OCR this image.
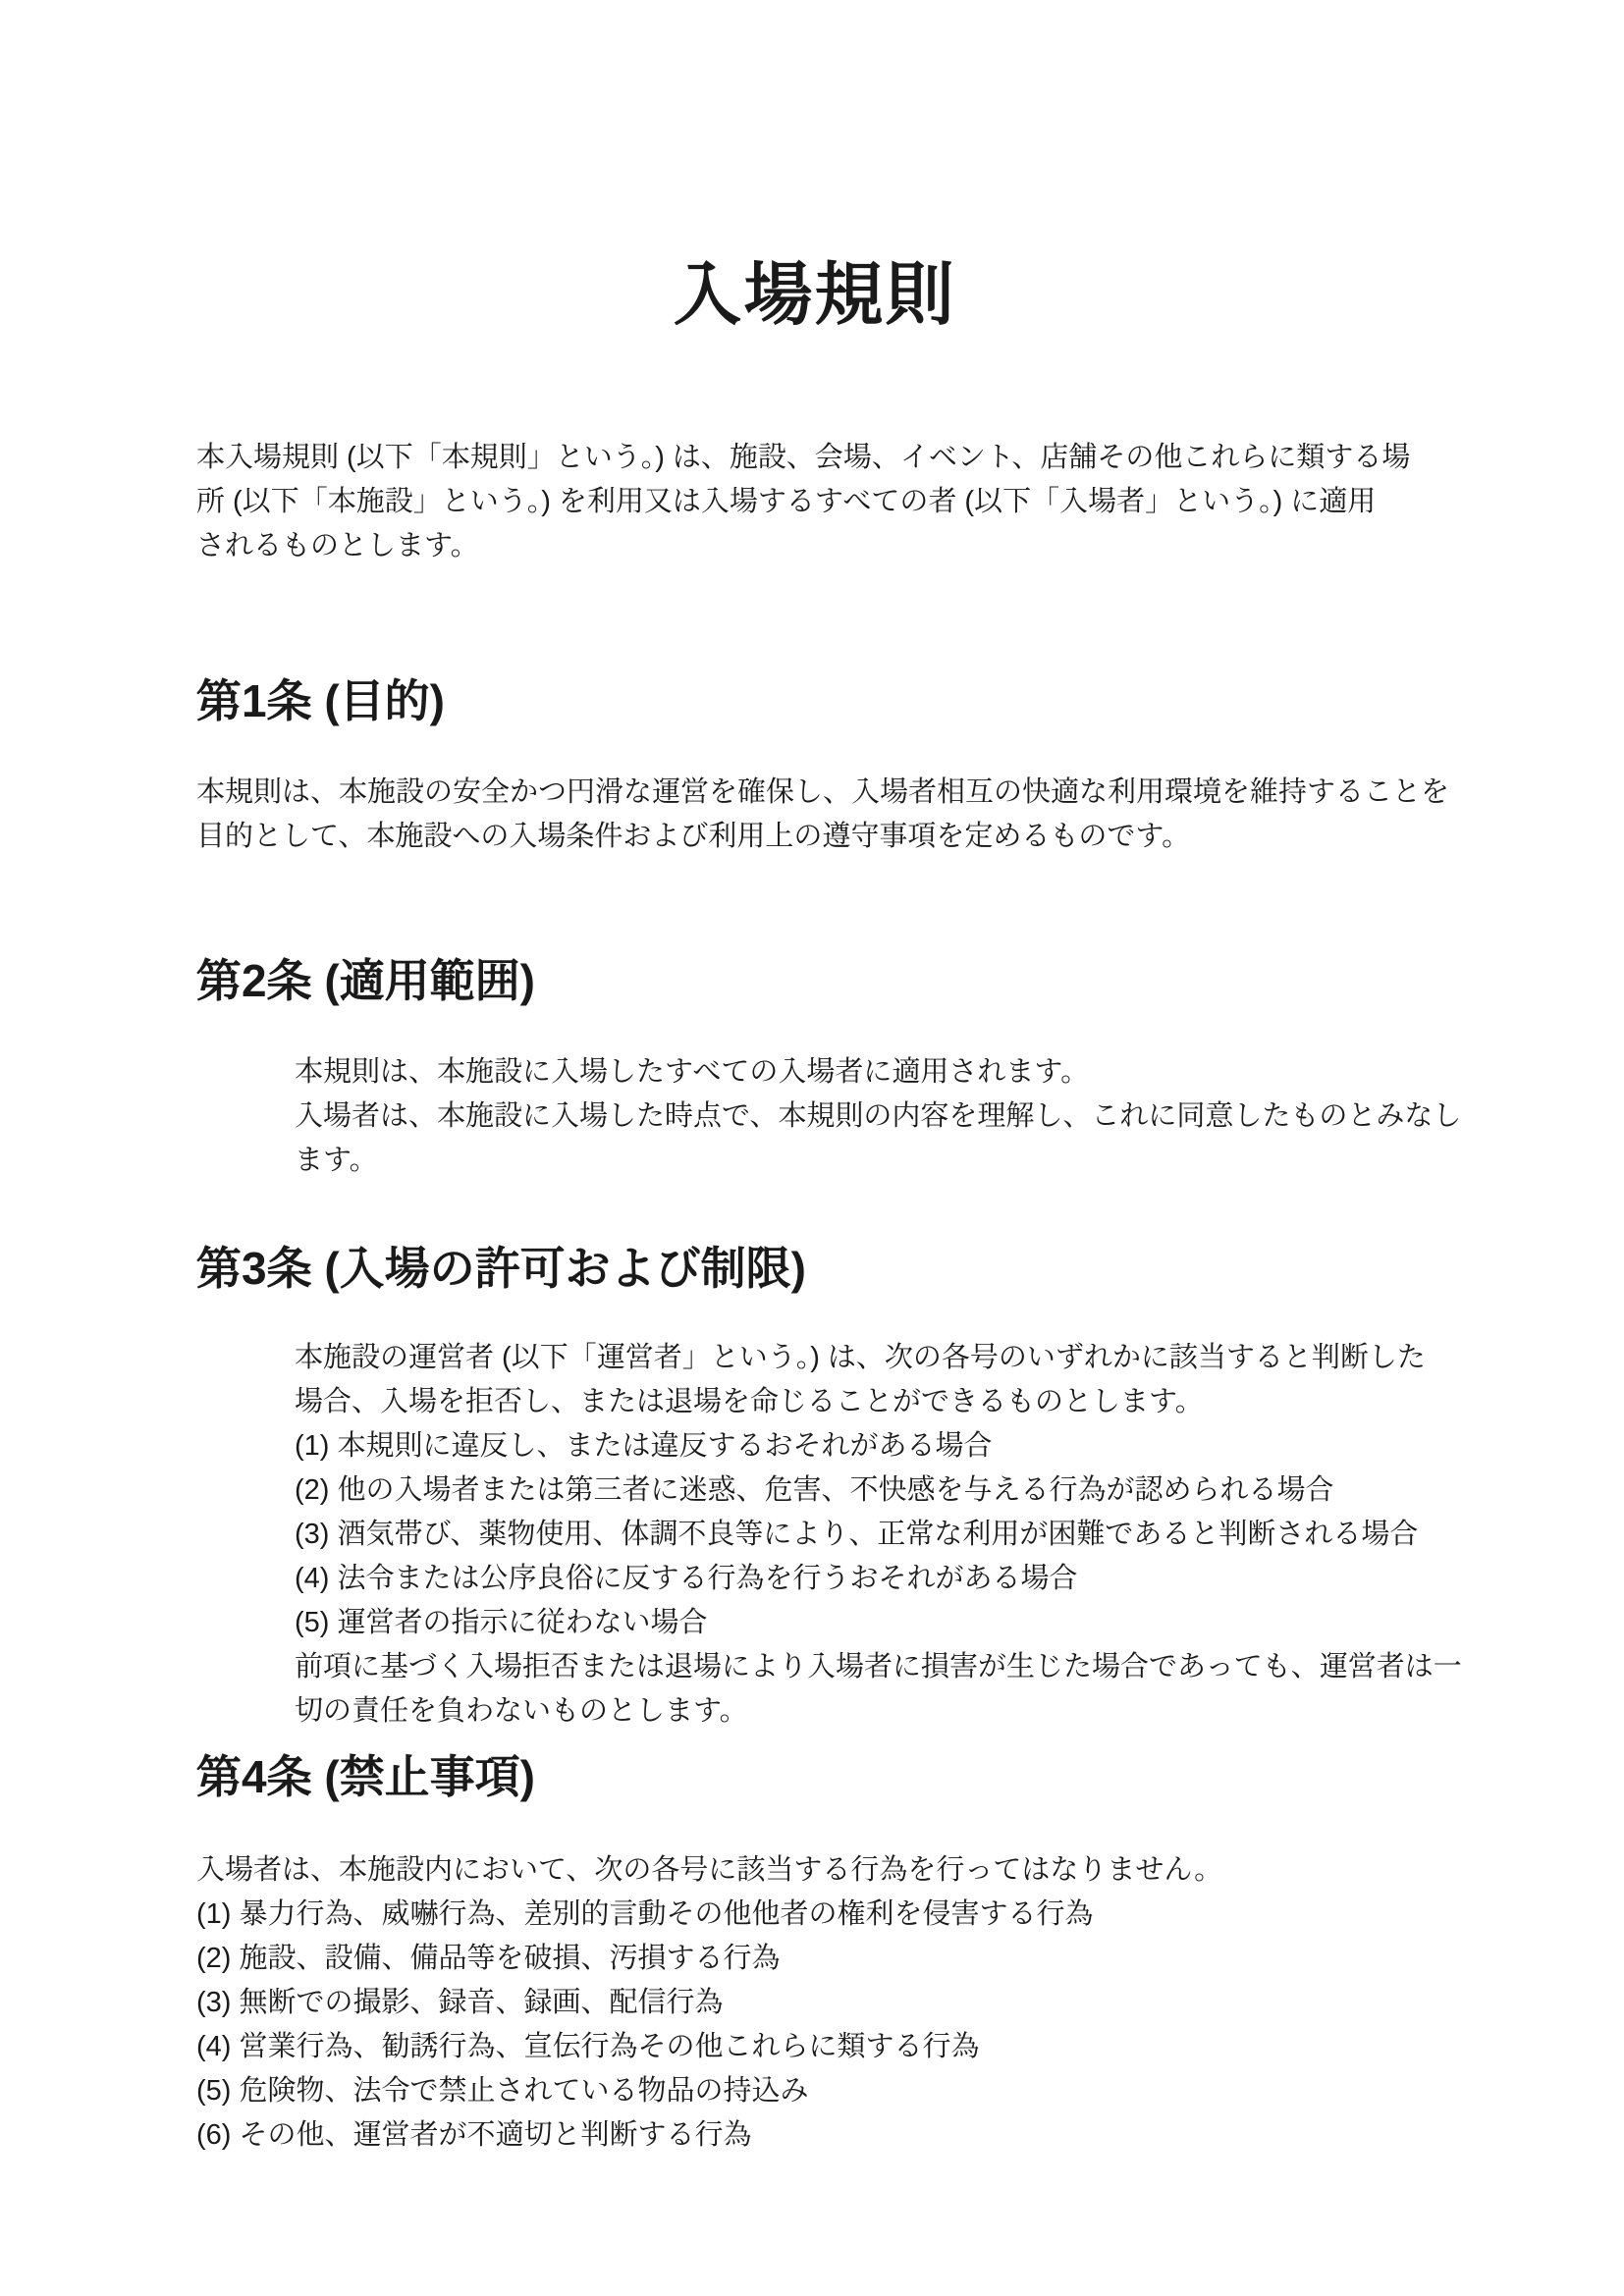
入場規則
本入場規則 (以下「本規則」という。) は、施設、会場、イベント、店舗その他これらに類する場
所 (以下「本施設」という。) を利用又は入場するすべての者 (以下「入場者」という。) に適用
されるものとします。
第1条 (目的)
本規則は、本施設の安全かつ円滑な運営を確保し、入場者相互の快適な利用環境を維持することを
目的として、本施設への入場条件および利用上の遵守事項を定めるものです。
第2条 (適用範囲)
本規則は、本施設に入場したすべての入場者に適用されます。
入場者は、本施設に入場した時点で、本規則の内容を理解し、これに同意したものとみなし
ます。
第3条 (入場の許可および制限)
本施設の運営者 (以下「運営者」という。) は、次の各号のいずれかに該当すると判断した
場合、入場を拒否し、または退場を命じることができるものとします。
(1) 本規則に違反し、または違反するおそれがある場合
(2) 他の入場者または第三者に迷惑、危害、不快感を与える行為が認められる場合
(3) 酒気帯び、薬物使用、体調不良等により、正常な利用が困難であると判断される場合
(4) 法令または公序良俗に反する行為を行うおそれがある場合
(5) 運営者の指示に従わない場合
前項に基づく入場拒否または退場により入場者に損害が生じた場合であっても、運営者は一
切の責任を負わないものとします。
第4条 (禁止事項)
入場者は、本施設内において、次の各号に該当する行為を行ってはなりません。
(1) 暴力行為、威嚇行為、差別的言動その他他者の権利を侵害する行為
(2) 施設、設備、備品等を破損、汚損する行為
(3) 無断での撮影、録音、録画、配信行為
(4) 営業行為、勧誘行為、宣伝行為その他これらに類する行為
(5) 危険物、法令で禁止されている物品の持込み
(6) その他、運営者が不適切と判断する行為
